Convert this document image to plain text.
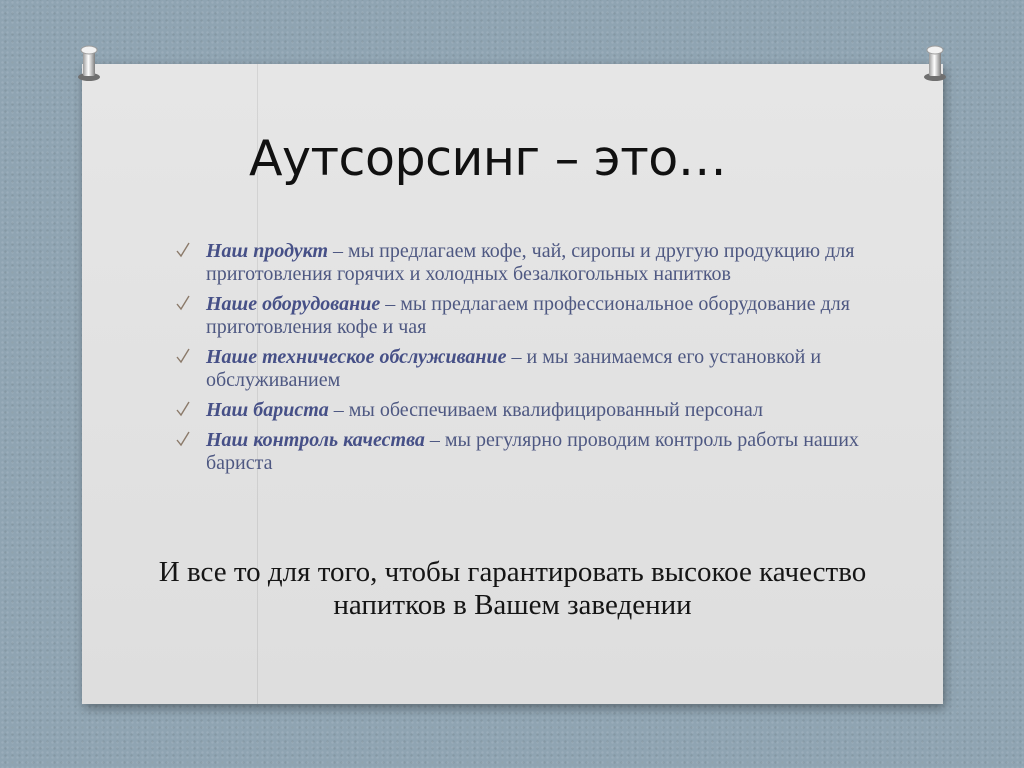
Аутсорсинг – это…
Наш продукт – мы предлагаем кофе, чай, сиропы и другую продукцию для приготовления горячих и холодных безалкогольных напитков
Наше оборудование – мы предлагаем профессиональное оборудование для приготовления кофе и чая
Наше техническое обслуживание – и мы занимаемся его установкой и обслуживанием
Наш бариста – мы обеспечиваем квалифицированный персонал
Наш контроль качества – мы регулярно проводим контроль работы наших бариста

И все то для того, чтобы гарантировать высокое качество напитков в Вашем заведении
